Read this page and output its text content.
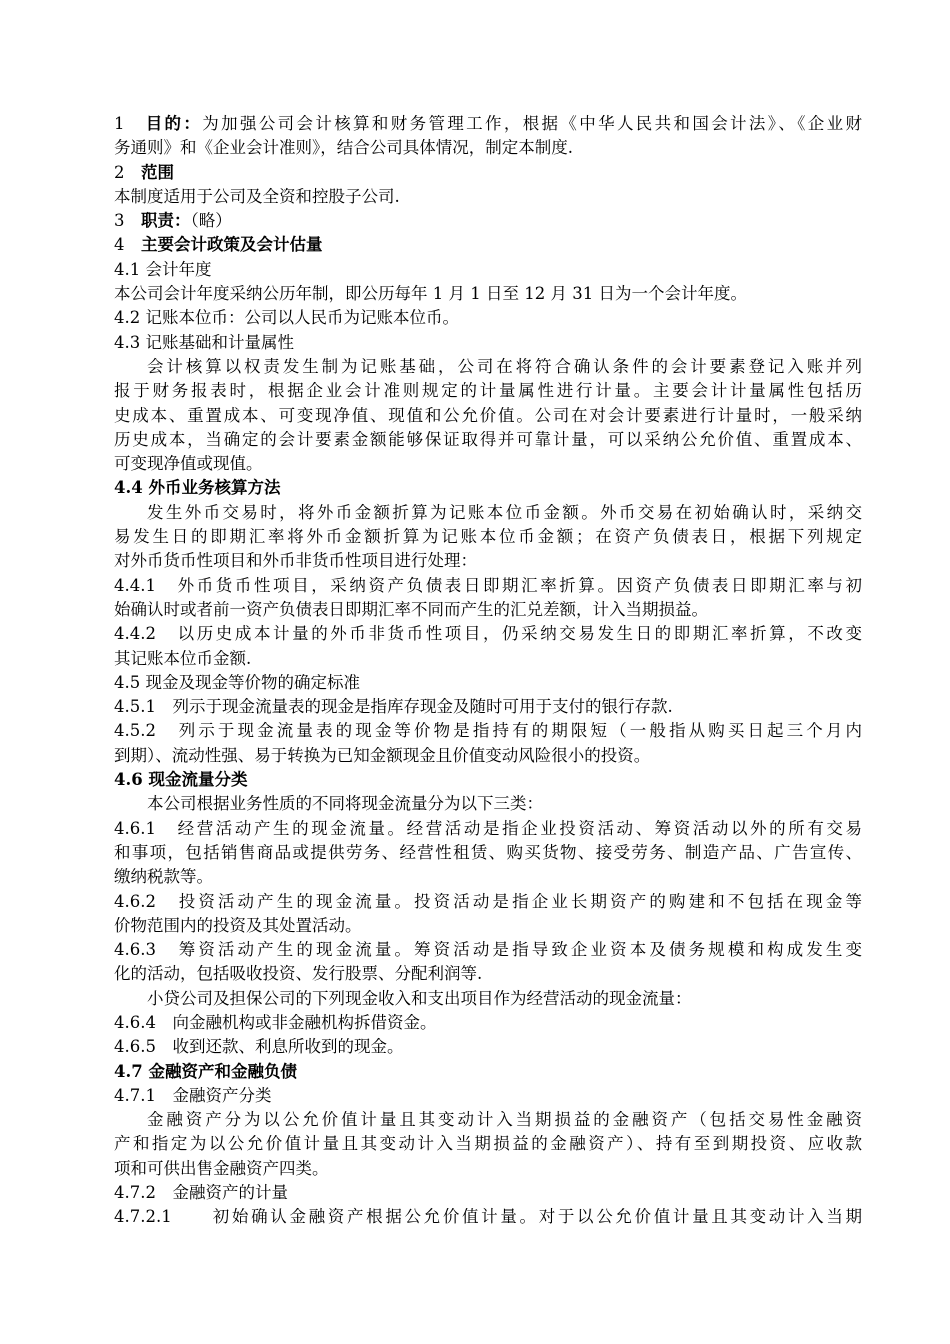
1　目的：为加强公司会计核算和财务管理工作，根据《中华人民共和国会计法》、《企业财
务通则》和《企业会计准则》，结合公司具体情况，制定本制度.
2　范围
本制度适用于公司及全资和控股子公司.
3　职责：（略）
4　主要会计政策及会计估量
4.1 会计年度
本公司会计年度采纳公历年制，即公历每年 1 月 1 日至 12 月 31 日为一个会计年度。
4.2 记账本位币：公司以人民币为记账本位币。
4.3 记账基础和计量属性
会计核算以权责发生制为记账基础，公司在将符合确认条件的会计要素登记入账并列
报于财务报表时，根据企业会计准则规定的计量属性进行计量。主要会计计量属性包括历
史成本、重置成本、可变现净值、现值和公允价值。公司在对会计要素进行计量时，一般采纳
历史成本，当确定的会计要素金额能够保证取得并可靠计量，可以采纳公允价值、重置成本、
可变现净值或现值。
4.4 外币业务核算方法
发生外币交易时，将外币金额折算为记账本位币金额。外币交易在初始确认时，采纳交
易发生日的即期汇率将外币金额折算为记账本位币金额；在资产负债表日，根据下列规定
对外币货币性项目和外币非货币性项目进行处理：
4.4.1　外币货币性项目，采纳资产负债表日即期汇率折算。因资产负债表日即期汇率与初
始确认时或者前一资产负债表日即期汇率不同而产生的汇兑差额，计入当期损益。
4.4.2　以历史成本计量的外币非货币性项目，仍采纳交易发生日的即期汇率折算，不改变
其记账本位币金额.
4.5 现金及现金等价物的确定标准
4.5.1　列示于现金流量表的现金是指库存现金及随时可用于支付的银行存款.
4.5.2　列示于现金流量表的现金等价物是指持有的期限短（一般指从购买日起三个月内
到期）、流动性强、易于转换为已知金额现金且价值变动风险很小的投资。
4.6 现金流量分类
本公司根据业务性质的不同将现金流量分为以下三类：
4.6.1　经营活动产生的现金流量。经营活动是指企业投资活动、筹资活动以外的所有交易
和事项，包括销售商品或提供劳务、经营性租赁、购买货物、接受劳务、制造产品、广告宣传、
缴纳税款等。
4.6.2　投资活动产生的现金流量。投资活动是指企业长期资产的购建和不包括在现金等
价物范围内的投资及其处置活动。
4.6.3　筹资活动产生的现金流量。筹资活动是指导致企业资本及债务规模和构成发生变
化的活动，包括吸收投资、发行股票、分配利润等.
小贷公司及担保公司的下列现金收入和支出项目作为经营活动的现金流量：
4.6.4　向金融机构或非金融机构拆借资金。
4.6.5　收到还款、利息所收到的现金。
4.7 金融资产和金融负债
4.7.1　金融资产分类
金融资产分为以公允价值计量且其变动计入当期损益的金融资产（包括交易性金融资
产和指定为以公允价值计量且其变动计入当期损益的金融资产）、持有至到期投资、应收款
项和可供出售金融资产四类。
4.7.2　金融资产的计量
4.7.2.1　　初始确认金融资产根据公允价值计量。对于以公允价值计量且其变动计入当期
